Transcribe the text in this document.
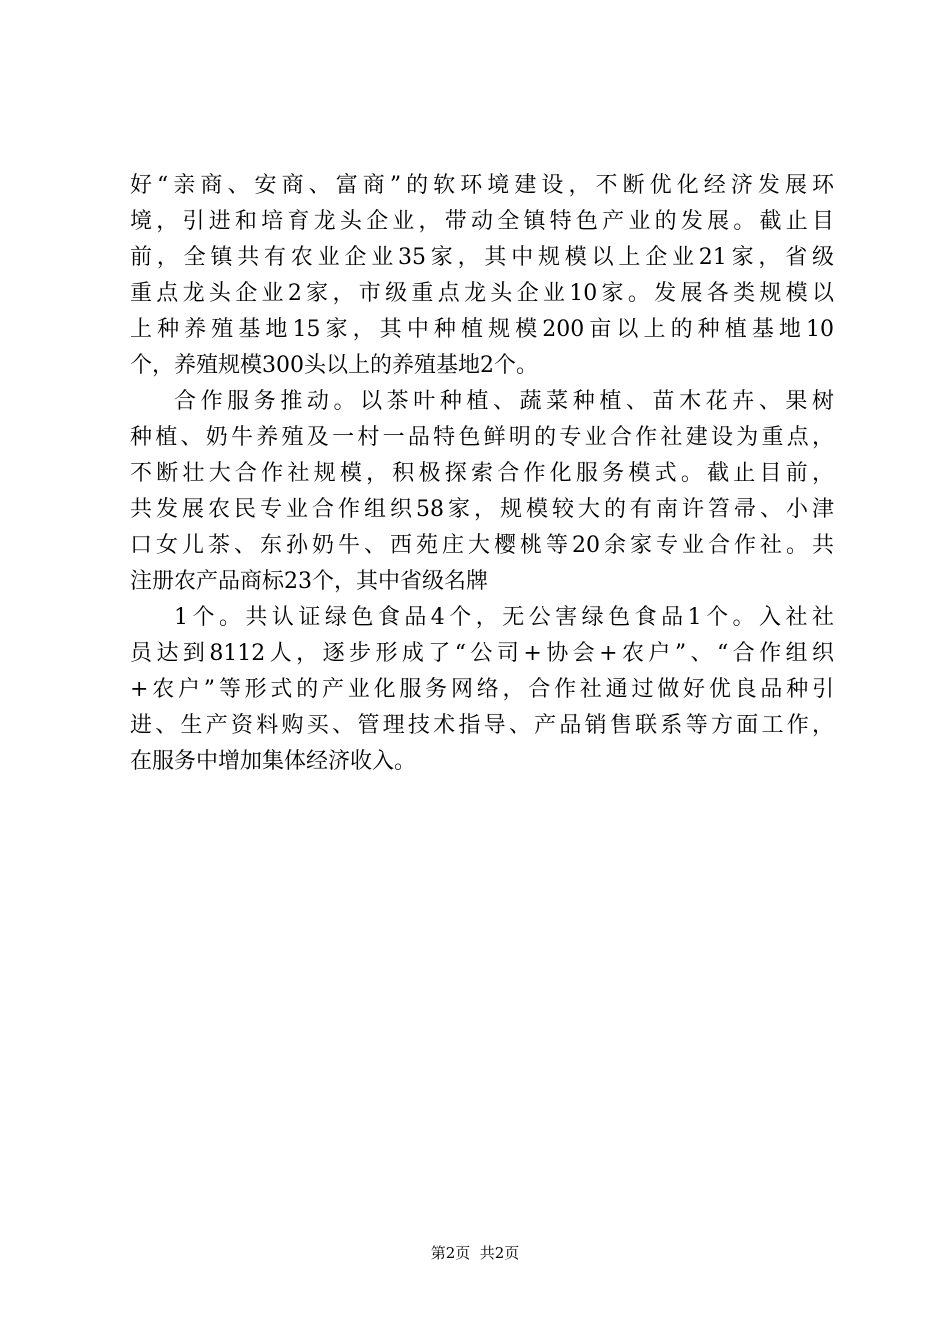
好“亲商、安商、富商”的软环境建设，不断优化经济发展环
境，引进和培育龙头企业，带动全镇特色产业的发展。截止目
前，全镇共有农业企业35家，其中规模以上企业21家，省级
重点龙头企业2家，市级重点龙头企业10家。发展各类规模以
上种养殖基地15家，其中种植规模200亩以上的种植基地10
个，养殖规模300头以上的养殖基地2个。
合作服务推动。以茶叶种植、蔬菜种植、苗木花卉、果树
种植、奶牛养殖及一村一品特色鲜明的专业合作社建设为重点，
不断壮大合作社规模，积极探索合作化服务模式。截止目前，
共发展农民专业合作组织58家，规模较大的有南许笤帚、小津
口女儿茶、东孙奶牛、西苑庄大樱桃等20余家专业合作社。共
注册农产品商标23个，其中省级名牌
1个。共认证绿色食品4个，无公害绿色食品1个。入社社
员达到8112人，逐步形成了“公司+协会+农户”、“合作组织
+农户”等形式的产业化服务网络，合作社通过做好优良品种引
进、生产资料购买、管理技术指导、产品销售联系等方面工作，
在服务中增加集体经济收入。
第2页  共2页
